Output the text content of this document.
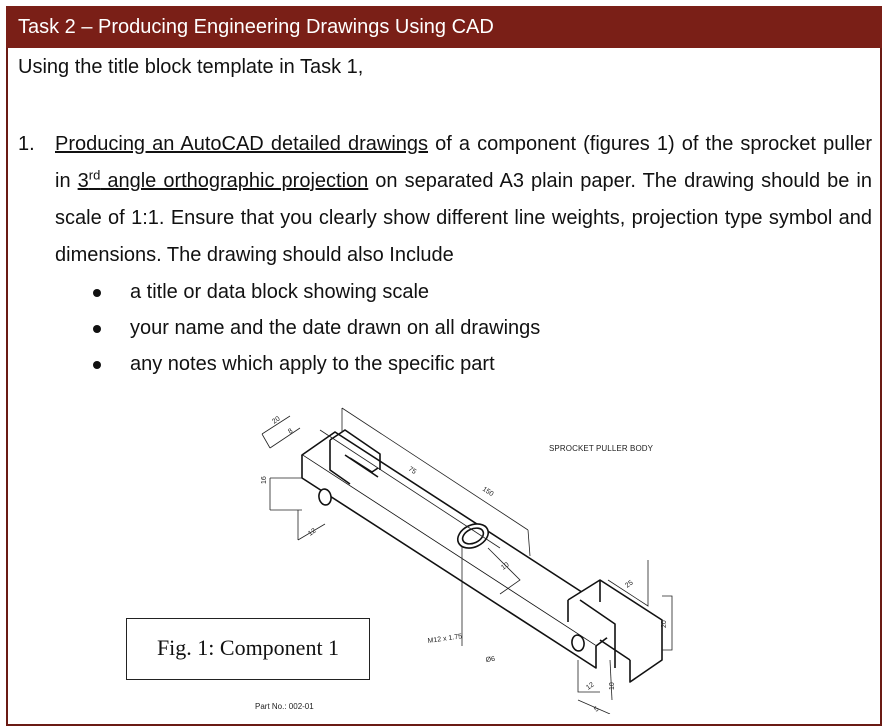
Task 2 – Producing Engineering Drawings Using CAD
Using the title block template in Task 1,
1. Producing an AutoCAD detailed drawings of a component (figures 1) of the sprocket puller in 3rd angle orthographic projection on separated A3 plain paper. The drawing should be in scale of 1:1. Ensure that you clearly show different line weights, projection type symbol and dimensions. The drawing should also Include
a title or data block showing scale
your name and the date drawn on all drawings
any notes which apply to the specific part
SPROCKET PULLER BODY
20
8
16
12
75
150
10
25
20
M12 x 1.75
Ø6
12 10
5
Fig. 1: Component 1
Part No.: 002-01
